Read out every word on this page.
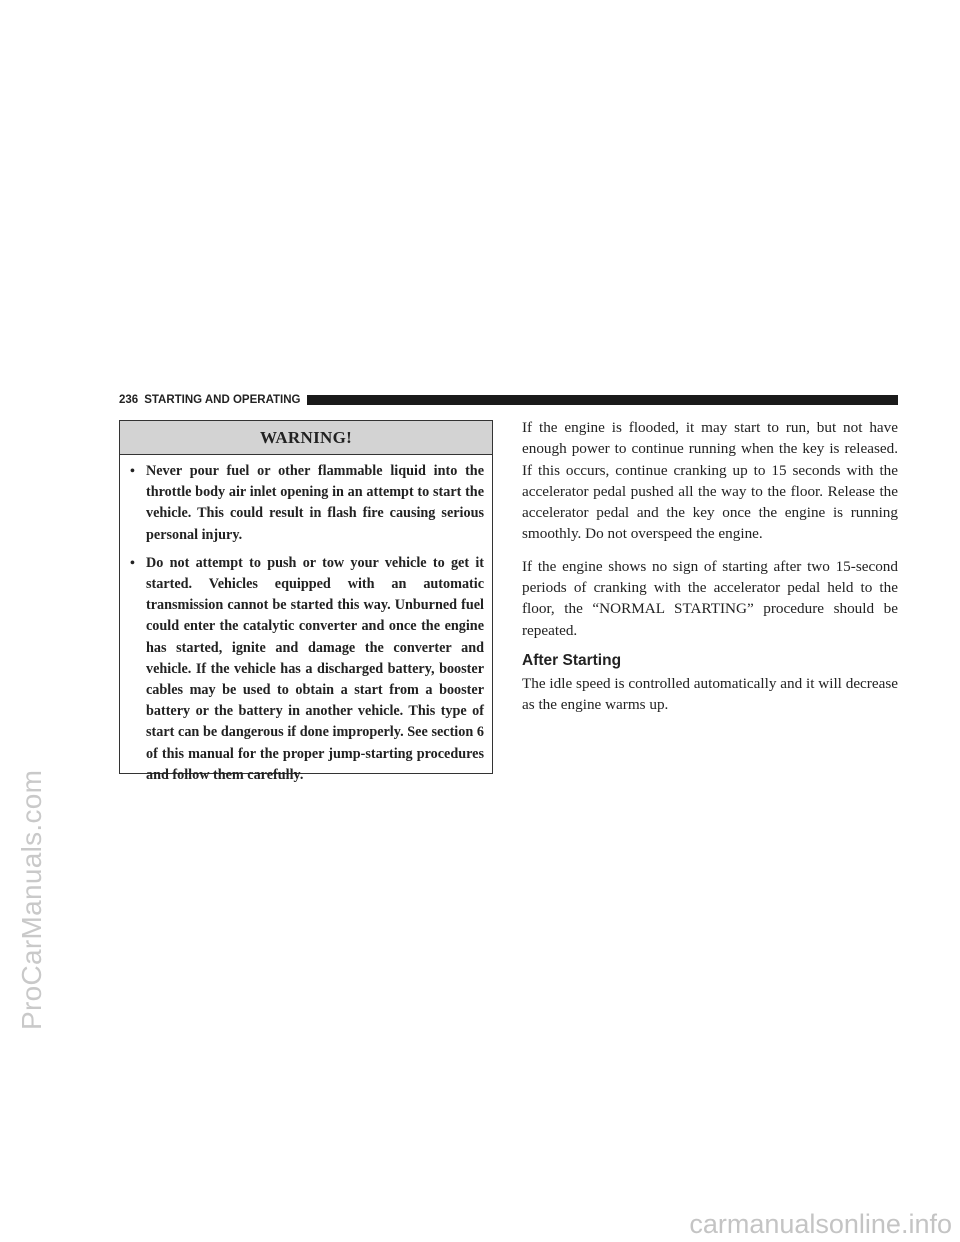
ProCarManuals.com
236 STARTING AND OPERATING
WARNING!
• Never pour fuel or other flammable liquid into the throttle body air inlet opening in an attempt to start the vehicle. This could result in flash fire causing serious personal injury.
• Do not attempt to push or tow your vehicle to get it started. Vehicles equipped with an automatic transmission cannot be started this way. Unburned fuel could enter the catalytic converter and once the engine has started, ignite and damage the converter and vehicle. If the vehicle has a discharged battery, booster cables may be used to obtain a start from a booster battery or the battery in another vehicle. This type of start can be dangerous if done improperly. See section 6 of this manual for the proper jump-starting procedures and follow them carefully.

If the engine is flooded, it may start to run, but not have enough power to continue running when the key is released. If this occurs, continue cranking up to 15 seconds with the accelerator pedal pushed all the way to the floor. Release the accelerator pedal and the key once the engine is running smoothly. Do not overspeed the engine.

If the engine shows no sign of starting after two 15-second periods of cranking with the accelerator pedal held to the floor, the “NORMAL STARTING” procedure should be repeated.

After Starting

The idle speed is controlled automatically and it will decrease as the engine warms up.

carmanualsonline.info
